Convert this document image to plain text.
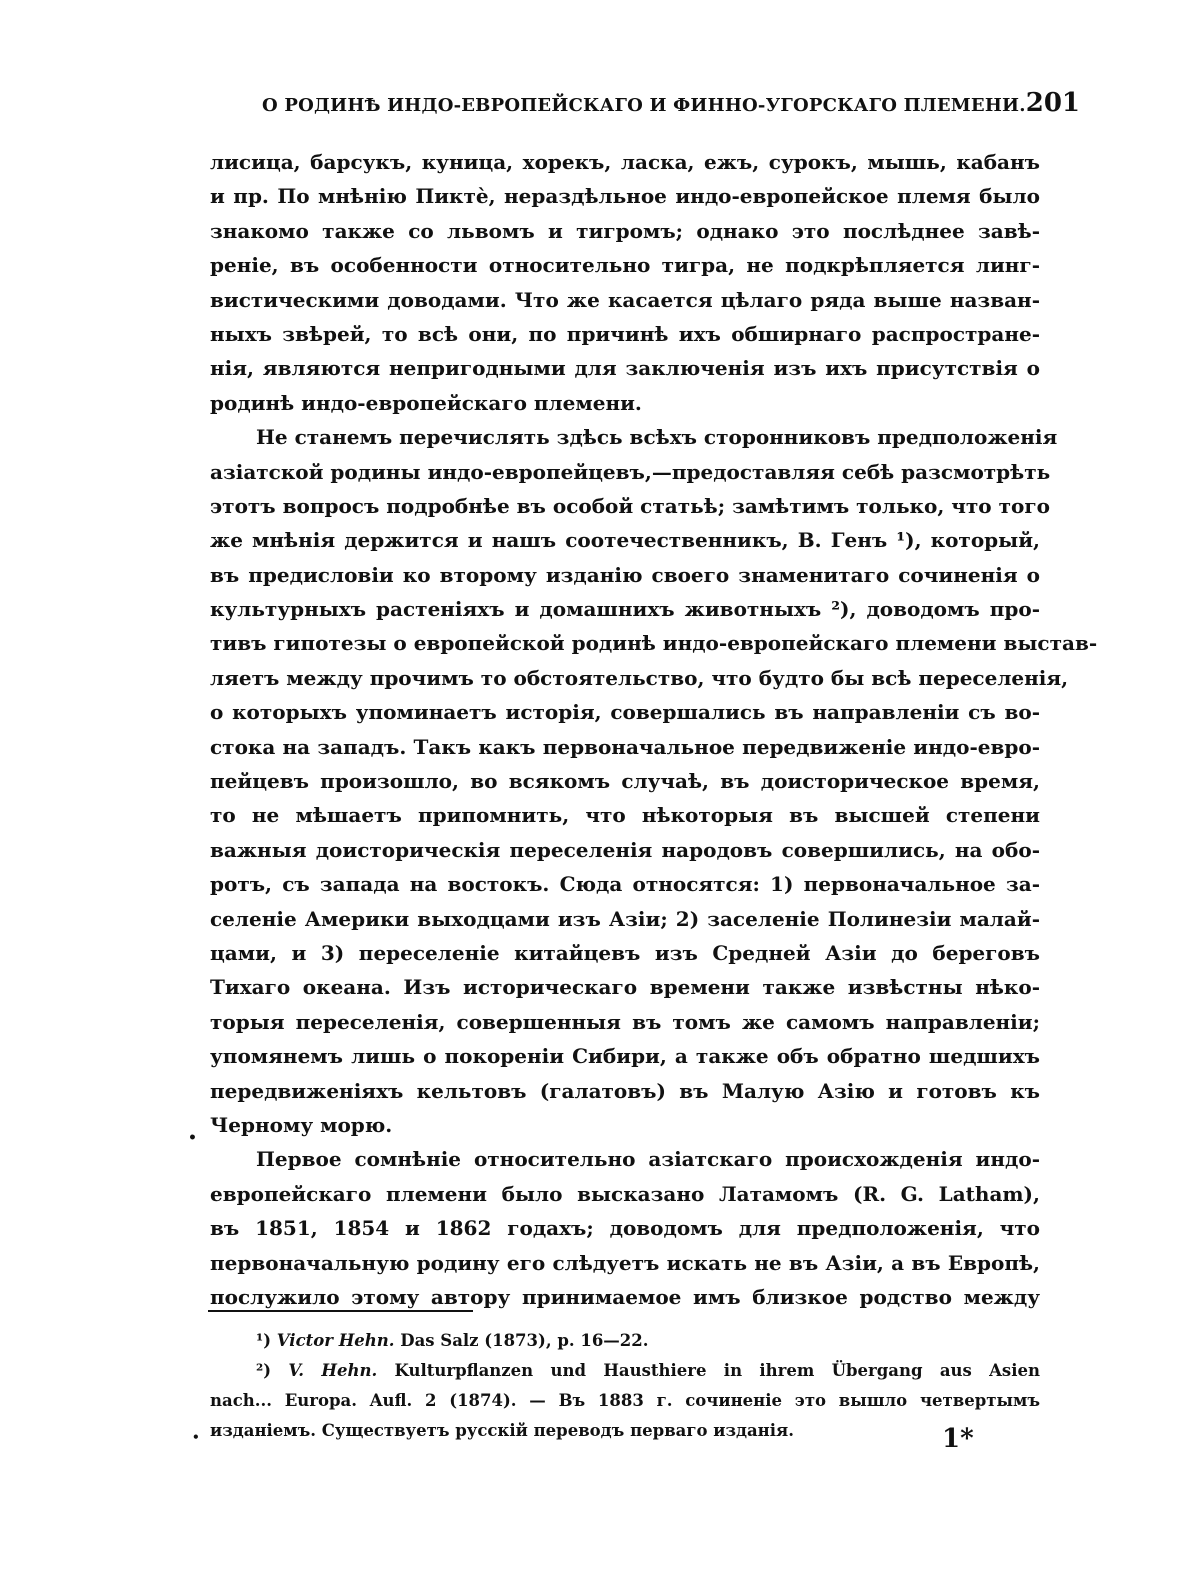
О РОДИНѢ ИНДО-ЕВРОПЕЙСКАГО И ФИННО-УГОРСКАГО ПЛЕМЕНИ. 201
лисица, барсукъ, куница, хорекъ, ласка, ежъ, сурокъ, мышь, кабанъ
и пр. По мнѣнію Пиктѐ, нераздѣльное индо-европейское племя было
знакомо также со львомъ и тигромъ; однако это послѣднее завѣ-
реніе, въ особенности относительно тигра, не подкрѣпляется линг-
вистическими доводами. Что же касается цѣлаго ряда выше назван-
ныхъ звѣрей, то всѣ они, по причинѣ ихъ обширнаго распростране-
нія, являются непригодными для заключенія изъ ихъ присутствія о
родинѣ индо-европейскаго племени.
Не станемъ перечислять здѣсь всѣхъ сторонниковъ предположенія
азіатской родины индо-европейцевъ,—предоставляя себѣ разсмотрѣть
этотъ вопросъ подробнѣе въ особой статьѣ; замѣтимъ только, что того
же мнѣнія держится и нашъ соотечественникъ, В. Генъ ¹), который,
въ предисловіи ко второму изданію своего знаменитаго сочиненія о
культурныхъ растеніяхъ и домашнихъ животныхъ ²), доводомъ про-
тивъ гипотезы о европейской родинѣ индо-европейскаго племени выстав-
ляетъ между прочимъ то обстоятельство, что будто бы всѣ переселенія,
о которыхъ упоминаетъ исторія, совершались въ направленіи съ во-
стока на западъ. Такъ какъ первоначальное передвиженіе индо-евро-
пейцевъ произошло, во всякомъ случаѣ, въ доисторическое время,
то не мѣшаетъ припомнить, что нѣкоторыя въ высшей степени
важныя доисторическія переселенія народовъ совершились, на обо-
ротъ, съ запада на востокъ. Сюда относятся: 1) первоначальное за-
селеніе Америки выходцами изъ Азіи; 2) заселеніе Полинезіи малай-
цами, и 3) переселеніе китайцевъ изъ Средней Азіи до береговъ
Тихаго океана. Изъ историческаго времени также извѣстны нѣко-
торыя переселенія, совершенныя въ томъ же самомъ направленіи;
упомянемъ лишь о покореніи Сибири, а также объ обратно шедшихъ
передвиженіяхъ кельтовъ (галатовъ) въ Малую Азію и готовъ къ
Черному морю.
Первое сомнѣніе относительно азіатскаго происхожденія индо-
европейскаго племени было высказано Латамомъ (R. G. Latham),
въ 1851, 1854 и 1862 годахъ; доводомъ для предположенія, что
первоначальную родину его слѣдуетъ искать не въ Азіи, а въ Европѣ,
послужило этому автору принимаемое имъ близкое родство между
•
¹) Victor Hehn. Das Salz (1873), p. 16—22.
²) V. Hehn. Kulturpflanzen und Hausthiere in ihrem Übergang aus Asien
nach... Europa. Aufl. 2 (1874). — Въ 1883 г. сочиненіе это вышло четвертымъ
изданіемъ. Существуетъ русскій переводъ перваго изданія.
•	1*
